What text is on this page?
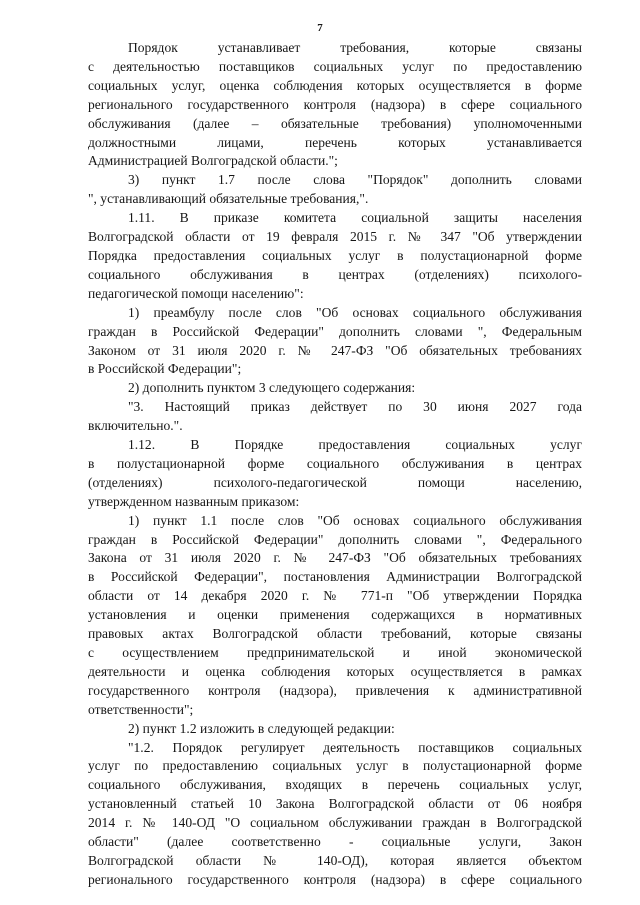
7
Порядок устанавливает требования, которые связаны
с деятельностью поставщиков социальных услуг по предоставлению
социальных услуг, оценка соблюдения которых осуществляется в форме
регионального государственного контроля (надзора) в сфере социального
обслуживания (далее – обязательные требования) уполномоченными
должностными лицами, перечень которых устанавливается
Администрацией Волгоградской области.";
3) пункт 1.7 после слова "Порядок" дополнить словами
", устанавливающий обязательные требования,".
1.11. В приказе комитета социальной защиты населения
Волгоградской области от 19 февраля 2015 г. № 347 "Об утверждении
Порядка предоставления социальных услуг в полустационарной форме
социального обслуживания в центрах (отделениях) психолого-
педагогической помощи населению":
1) преамбулу после слов "Об основах социального обслуживания
граждан в Российской Федерации" дополнить словами ", Федеральным
Законом от 31 июля 2020 г. № 247-ФЗ "Об обязательных требованиях
в Российской Федерации";
2) дополнить пунктом 3 следующего содержания:
"3. Настоящий приказ действует по 30 июня 2027 года
включительно.".
1.12. В Порядке предоставления социальных услуг
в полустационарной форме социального обслуживания в центрах
(отделениях) психолого-педагогической помощи населению,
утвержденном названным приказом:
1) пункт 1.1 после слов "Об основах социального обслуживания
граждан в Российской Федерации" дополнить словами ", Федерального
Закона от 31 июля 2020 г. № 247-ФЗ "Об обязательных требованиях
в Российской Федерации", постановления Администрации Волгоградской
области от 14 декабря 2020 г. № 771-п "Об утверждении Порядка
установления и оценки применения содержащихся в нормативных
правовых актах Волгоградской области требований, которые связаны
с осуществлением предпринимательской и иной экономической
деятельности и оценка соблюдения которых осуществляется в рамках
государственного контроля (надзора), привлечения к административной
ответственности";
2) пункт 1.2 изложить в следующей редакции:
"1.2. Порядок регулирует деятельность поставщиков социальных
услуг по предоставлению социальных услуг в полустационарной форме
социального обслуживания, входящих в перечень социальных услуг,
установленный статьей 10 Закона Волгоградской области от 06 ноября
2014 г. № 140-ОД "О социальном обслуживании граждан в Волгоградской
области" (далее соответственно - социальные услуги, Закон
Волгоградской области № 140-ОД), которая является объектом
регионального государственного контроля (надзора) в сфере социального
